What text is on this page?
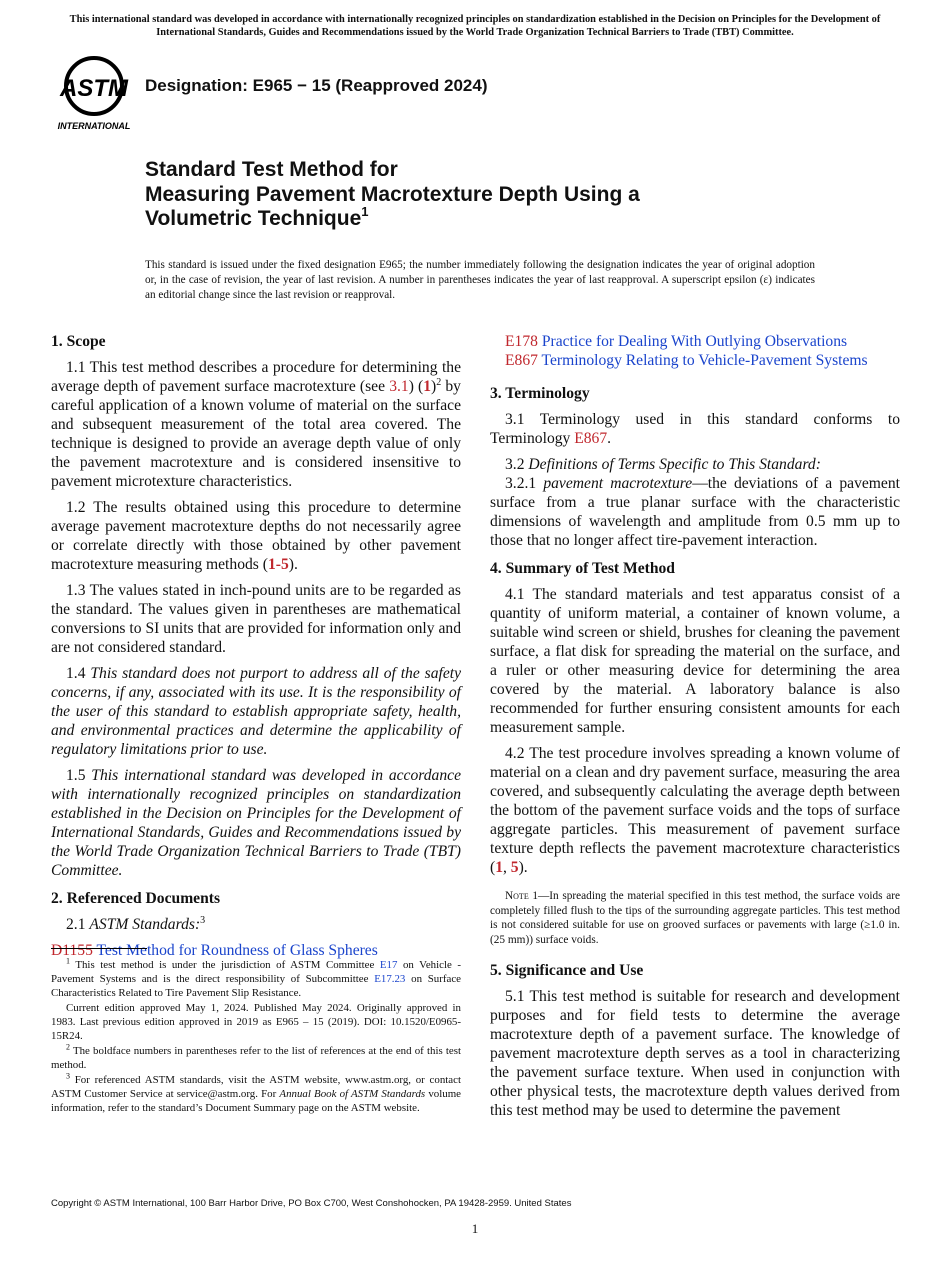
This international standard was developed in accordance with internationally recognized principles on standardization established in the Decision on Principles for the Development of International Standards, Guides and Recommendations issued by the World Trade Organization Technical Barriers to Trade (TBT) Committee.
ASTM
INTERNATIONAL
Designation: E965 − 15 (Reapproved 2024)
Standard Test Method for
Measuring Pavement Macrotexture Depth Using a
Volumetric Technique$^1$
This standard is issued under the fixed designation E965; the number immediately following the designation indicates the year of original adoption or, in the case of revision, the year of last revision. A number in parentheses indicates the year of last reapproval. A superscript epsilon (ε) indicates an editorial change since the last revision or reapproval.
1. Scope

1.1 This test method describes a procedure for determining the average depth of pavement surface macrotexture (see 3.1) $(1)^2$ by careful application of a known volume of material on the surface and subsequent measurement of the total area covered. The technique is designed to provide an average depth value of only the pavement macrotexture and is considered insensitive to pavement microtexture characteristics.

1.2 The results obtained using this procedure to determine average pavement macrotexture depths do not necessarily agree or correlate directly with those obtained by other pavement macrotexture measuring methods (1-5).

1.3 The values stated in inch-pound units are to be regarded as the standard. The values given in parentheses are mathematical conversions to SI units that are provided for information only and are not considered standard.

1.4 This standard does not purport to address all of the safety concerns, if any, associated with its use. It is the responsibility of the user of this standard to establish appropriate safety, health, and environmental practices and determine the applicability of regulatory limitations prior to use.

1.5 This international standard was developed in accordance with internationally recognized principles on standardization established in the Decision on Principles for the Development of International Standards, Guides and Recommendations issued by the World Trade Organization Technical Barriers to Trade (TBT) Committee.

2. Referenced Documents

2.1 ASTM Standards:$^3$

D1155 Test Method for Roundness of Glass Spheres

$^1$ This test method is under the jurisdiction of ASTM Committee E17 on Vehicle - Pavement Systems and is the direct responsibility of Subcommittee E17.23 on Surface Characteristics Related to Tire Pavement Slip Resistance.

Current edition approved May 1, 2024. Published May 2024. Originally approved in 1983. Last previous edition approved in 2019 as E965 – 15 (2019). DOI: 10.1520/E0965-15R24.

$^2$ The boldface numbers in parentheses refer to the list of references at the end of this test method.

$^3$ For referenced ASTM standards, visit the ASTM website, www.astm.org, or contact ASTM Customer Service at service@astm.org. For Annual Book of ASTM Standards volume information, refer to the standard’s Document Summary page on the ASTM website.

E178 Practice for Dealing With Outlying Observations

E867 Terminology Relating to Vehicle-Pavement Systems

3. Terminology

3.1 Terminology used in this standard conforms to Terminology E867.

3.2 Definitions of Terms Specific to This Standard:

3.2.1 pavement macrotexture—the deviations of a pavement surface from a true planar surface with the characteristic dimensions of wavelength and amplitude from 0.5 mm up to those that no longer affect tire-pavement interaction.

4. Summary of Test Method

4.1 The standard materials and test apparatus consist of a quantity of uniform material, a container of known volume, a suitable wind screen or shield, brushes for cleaning the pavement surface, a flat disk for spreading the material on the surface, and a ruler or other measuring device for determining the area covered by the material. A laboratory balance is also recommended for further ensuring consistent amounts for each measurement sample.

4.2 The test procedure involves spreading a known volume of material on a clean and dry pavement surface, measuring the area covered, and subsequently calculating the average depth between the bottom of the pavement surface voids and the tops of surface aggregate particles. This measurement of pavement surface texture depth reflects the pavement macrotexture characteristics (1, 5).

Note 1—In spreading the material specified in this test method, the surface voids are completely filled flush to the tips of the surrounding aggregate particles. This test method is not considered suitable for use on grooved surfaces or pavements with large (≥1.0 in. (25 mm)) surface voids.

5. Significance and Use

5.1 This test method is suitable for research and development purposes and for field tests to determine the average macrotexture depth of a pavement surface. The knowledge of pavement macrotexture depth serves as a tool in characterizing the pavement surface texture. When used in conjunction with other physical tests, the macrotexture depth values derived from this test method may be used to determine the pavement

Copyright © ASTM International, 100 Barr Harbor Drive, PO Box C700, West Conshohocken, PA 19428-2959. United States
1
